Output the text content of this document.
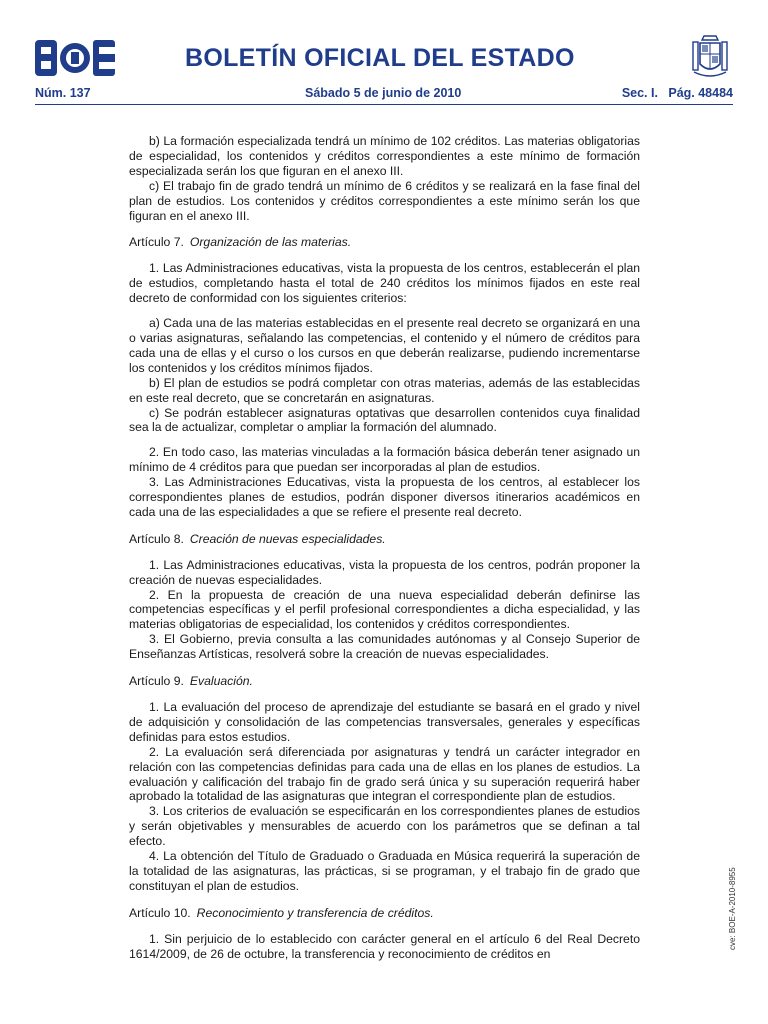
BOLETÍN OFICIAL DEL ESTADO
Núm. 137	Sábado 5 de junio de 2010	Sec. I.   Pág. 48484

b) La formación especializada tendrá un mínimo de 102 créditos. Las materias obligatorias de especialidad, los contenidos y créditos correspondientes a este mínimo de formación especializada serán los que figuran en el anexo III.

c) El trabajo fin de grado tendrá un mínimo de 6 créditos y se realizará en la fase final del plan de estudios. Los contenidos y créditos correspondientes a este mínimo serán los que figuran en el anexo III.

Artículo 7. Organización de las materias.

1. Las Administraciones educativas, vista la propuesta de los centros, establecerán el plan de estudios, completando hasta el total de 240 créditos los mínimos fijados en este real decreto de conformidad con los siguientes criterios:

a) Cada una de las materias establecidas en el presente real decreto se organizará en una o varias asignaturas, señalando las competencias, el contenido y el número de créditos para cada una de ellas y el curso o los cursos en que deberán realizarse, pudiendo incrementarse los contenidos y los créditos mínimos fijados.

b) El plan de estudios se podrá completar con otras materias, además de las establecidas en este real decreto, que se concretarán en asignaturas.

c) Se podrán establecer asignaturas optativas que desarrollen contenidos cuya finalidad sea la de actualizar, completar o ampliar la formación del alumnado.

2. En todo caso, las materias vinculadas a la formación básica deberán tener asignado un mínimo de 4 créditos para que puedan ser incorporadas al plan de estudios.

3. Las Administraciones Educativas, vista la propuesta de los centros, al establecer los correspondientes planes de estudios, podrán disponer diversos itinerarios académicos en cada una de las especialidades a que se refiere el presente real decreto.

Artículo 8. Creación de nuevas especialidades.

1. Las Administraciones educativas, vista la propuesta de los centros, podrán proponer la creación de nuevas especialidades.

2. En la propuesta de creación de una nueva especialidad deberán definirse las competencias específicas y el perfil profesional correspondientes a dicha especialidad, y las materias obligatorias de especialidad, los contenidos y créditos correspondientes.

3. El Gobierno, previa consulta a las comunidades autónomas y al Consejo Superior de Enseñanzas Artísticas, resolverá sobre la creación de nuevas especialidades.

Artículo 9. Evaluación.

1. La evaluación del proceso de aprendizaje del estudiante se basará en el grado y nivel de adquisición y consolidación de las competencias transversales, generales y específicas definidas para estos estudios.

2. La evaluación será diferenciada por asignaturas y tendrá un carácter integrador en relación con las competencias definidas para cada una de ellas en los planes de estudios. La evaluación y calificación del trabajo fin de grado será única y su superación requerirá haber aprobado la totalidad de las asignaturas que integran el correspondiente plan de estudios.

3. Los criterios de evaluación se especificarán en los correspondientes planes de estudios y serán objetivables y mensurables de acuerdo con los parámetros que se definan a tal efecto.

4. La obtención del Título de Graduado o Graduada en Música requerirá la superación de la totalidad de las asignaturas, las prácticas, si se programan, y el trabajo fin de grado que constituyan el plan de estudios.

Artículo 10. Reconocimiento y transferencia de créditos.

1. Sin perjuicio de lo establecido con carácter general en el artículo 6 del Real Decreto 1614/2009, de 26 de octubre, la transferencia y reconocimiento de créditos en

cve: BOE-A-2010-8955
